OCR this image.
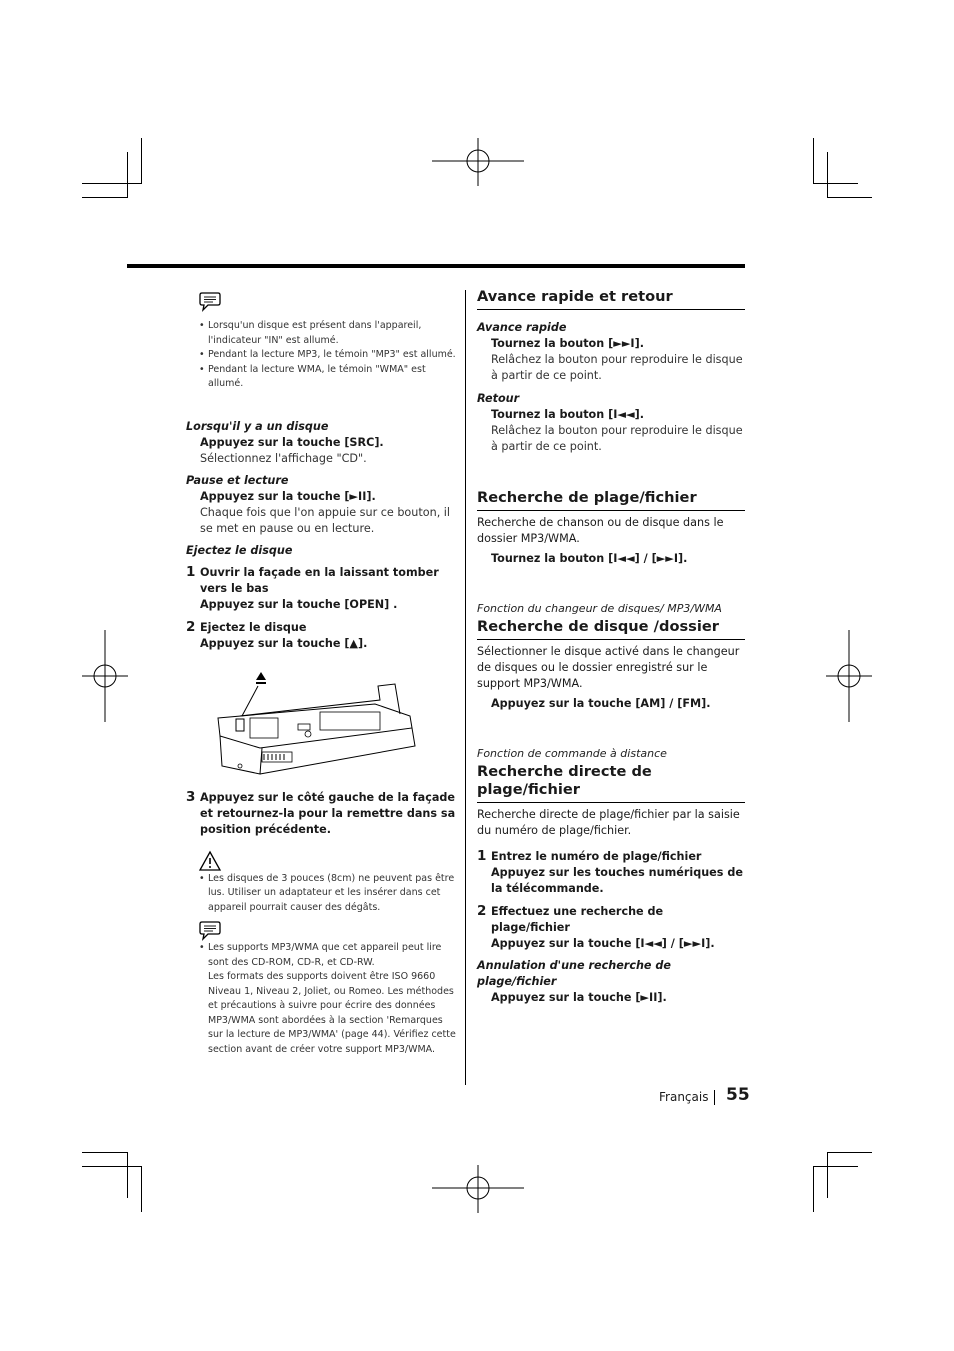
• Lorsqu'un disque est présent dans l'appareil, l'indicateur "IN" est allumé.

• Pendant la lecture MP3, le témoin "MP3" est allumé.

• Pendant la lecture WMA, le témoin "WMA" est allumé.

Lorsqu'il y a un disque

Appuyez sur la touche [SRC].

Sélectionnez l'affichage "CD".

Pause et lecture

Appuyez sur la touche [►II].

Chaque fois que l'on appuie sur ce bouton, il se met en pause ou en lecture.

Ejectez le disque

1 Ouvrir la façade en la laissant tomber vers le bas
Appuyez sur la touche [OPEN] .
2 Ejectez le disque
Appuyez sur la touche [▲].
3 Appuyez sur le côté gauche de la façade et retournez-la pour la remettre dans sa position précédente.

• Les disques de 3 pouces (8cm) ne peuvent pas être lus. Utiliser un adaptateur et les insérer dans cet appareil pourrait causer des dégâts.

• Les supports MP3/WMA que cet appareil peut lire sont des CD-ROM, CD-R, et CD-RW.
Les formats des supports doivent être ISO 9660 Niveau 1, Niveau 2, Joliet, ou Romeo. Les méthodes et précautions à suivre pour écrire des données MP3/WMA sont abordées à la section 'Remarques sur la lecture de MP3/WMA' (page 44). Vérifiez cette section avant de créer votre support MP3/WMA.

Avance rapide et retour

Avance rapide

Tournez la bouton [►►I].

Relâchez la bouton pour reproduire le disque à partir de ce point.

Retour

Tournez la bouton [I◄◄].

Relâchez la bouton pour reproduire le disque à partir de ce point.

Recherche de plage/fichier

Recherche de chanson ou de disque dans le dossier MP3/WMA.

Tournez la bouton [I◄◄] / [►►I].

Fonction du changeur de disques/ MP3/WMA

Recherche de disque /dossier

Sélectionner le disque activé dans le changeur de disques ou le dossier enregistré sur le support MP3/WMA.

Appuyez sur la touche [AM] / [FM].

Fonction de commande à distance

Recherche directe de plage/fichier

Recherche directe de plage/fichier par la saisie du numéro de plage/fichier.

1 Entrez le numéro de plage/fichier
Appuyez sur les touches numériques de la télécommande.
2 Effectuez une recherche de plage/fichier
Appuyez sur la touche [I◄◄] / [►►I].

Annulation d'une recherche de plage/fichier

Appuyez sur la touche [►II].

Français 55
